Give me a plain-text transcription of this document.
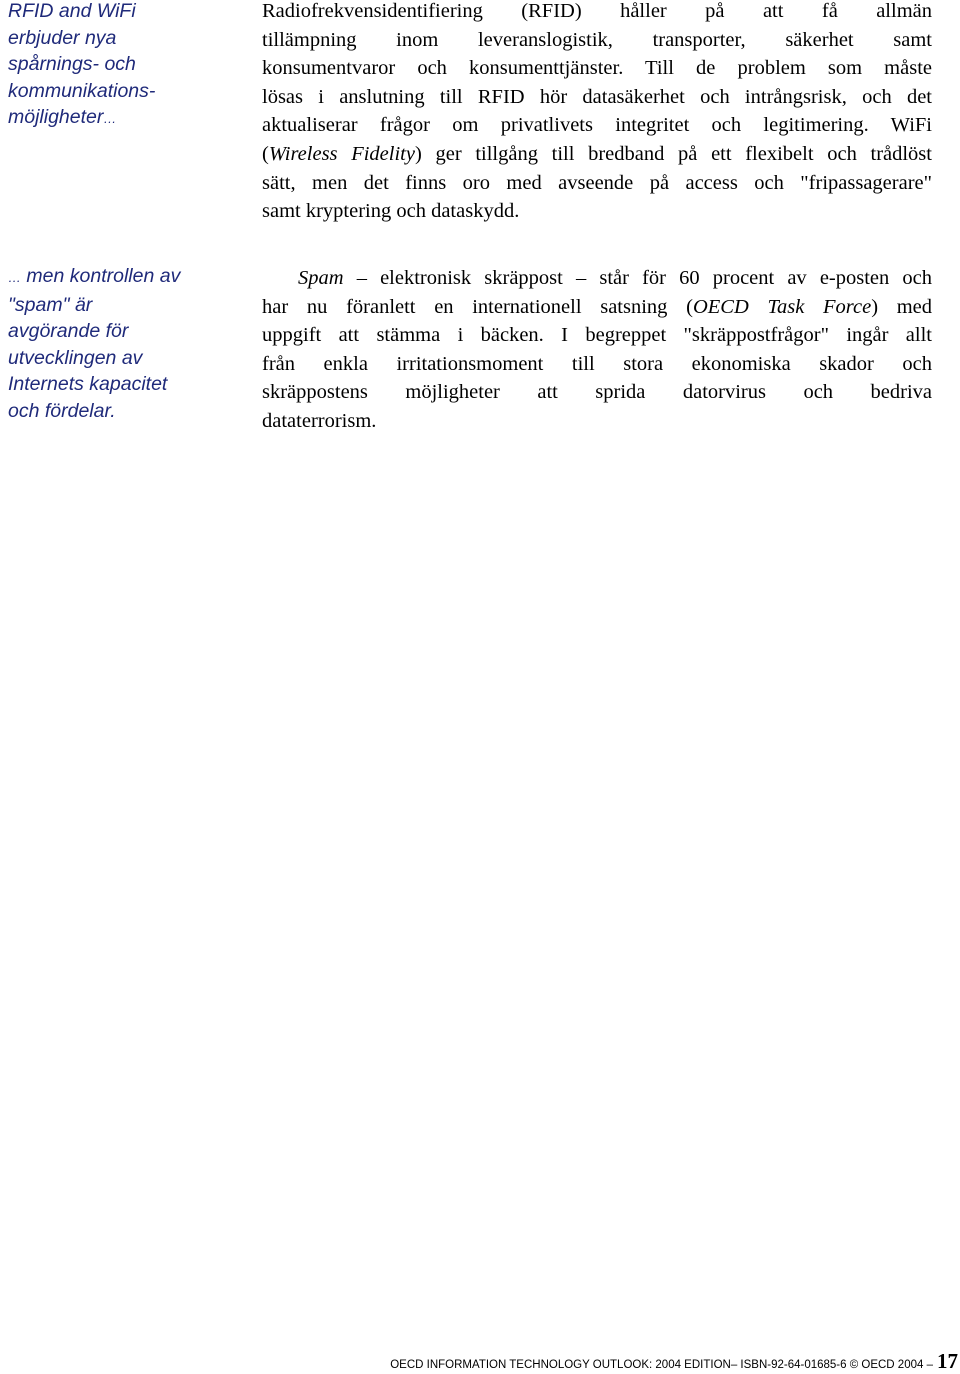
RFID and WiFi
erbjuder nya
spårnings- och
kommunikations-
möjligheter…
Radiofrekvensidentifiering (RFID) håller på att få allmän
tillämpning inom leveranslogistik, transporter, säkerhet samt
konsumentvaror och konsumenttjänster. Till de problem som måste
lösas i anslutning till RFID hör datasäkerhet och intrångsrisk, och det
aktualiserar frågor om privatlivets integritet och legitimering. WiFi
(Wireless Fidelity) ger tillgång till bredband på ett flexibelt och trådlöst
sätt, men det finns oro med avseende på access och "fripassagerare"
samt kryptering och dataskydd.
… men kontrollen av
"spam" är
avgörande för
utvecklingen av
Internets kapacitet
och fördelar.
Spam – elektronisk skräppost – står för 60 procent av e-posten och
har nu föranlett en internationell satsning (OECD Task Force) med
uppgift att stämma i bäcken. I begreppet "skräppostfrågor" ingår allt
från enkla irritationsmoment till stora ekonomiska skador och
skräppostens möjligheter att sprida datorvirus och bedriva
dataterrorism.
OECD INFORMATION TECHNOLOGY OUTLOOK: 2004 EDITION– ISBN-92-64-01685-6 © OECD 2004 – 17
